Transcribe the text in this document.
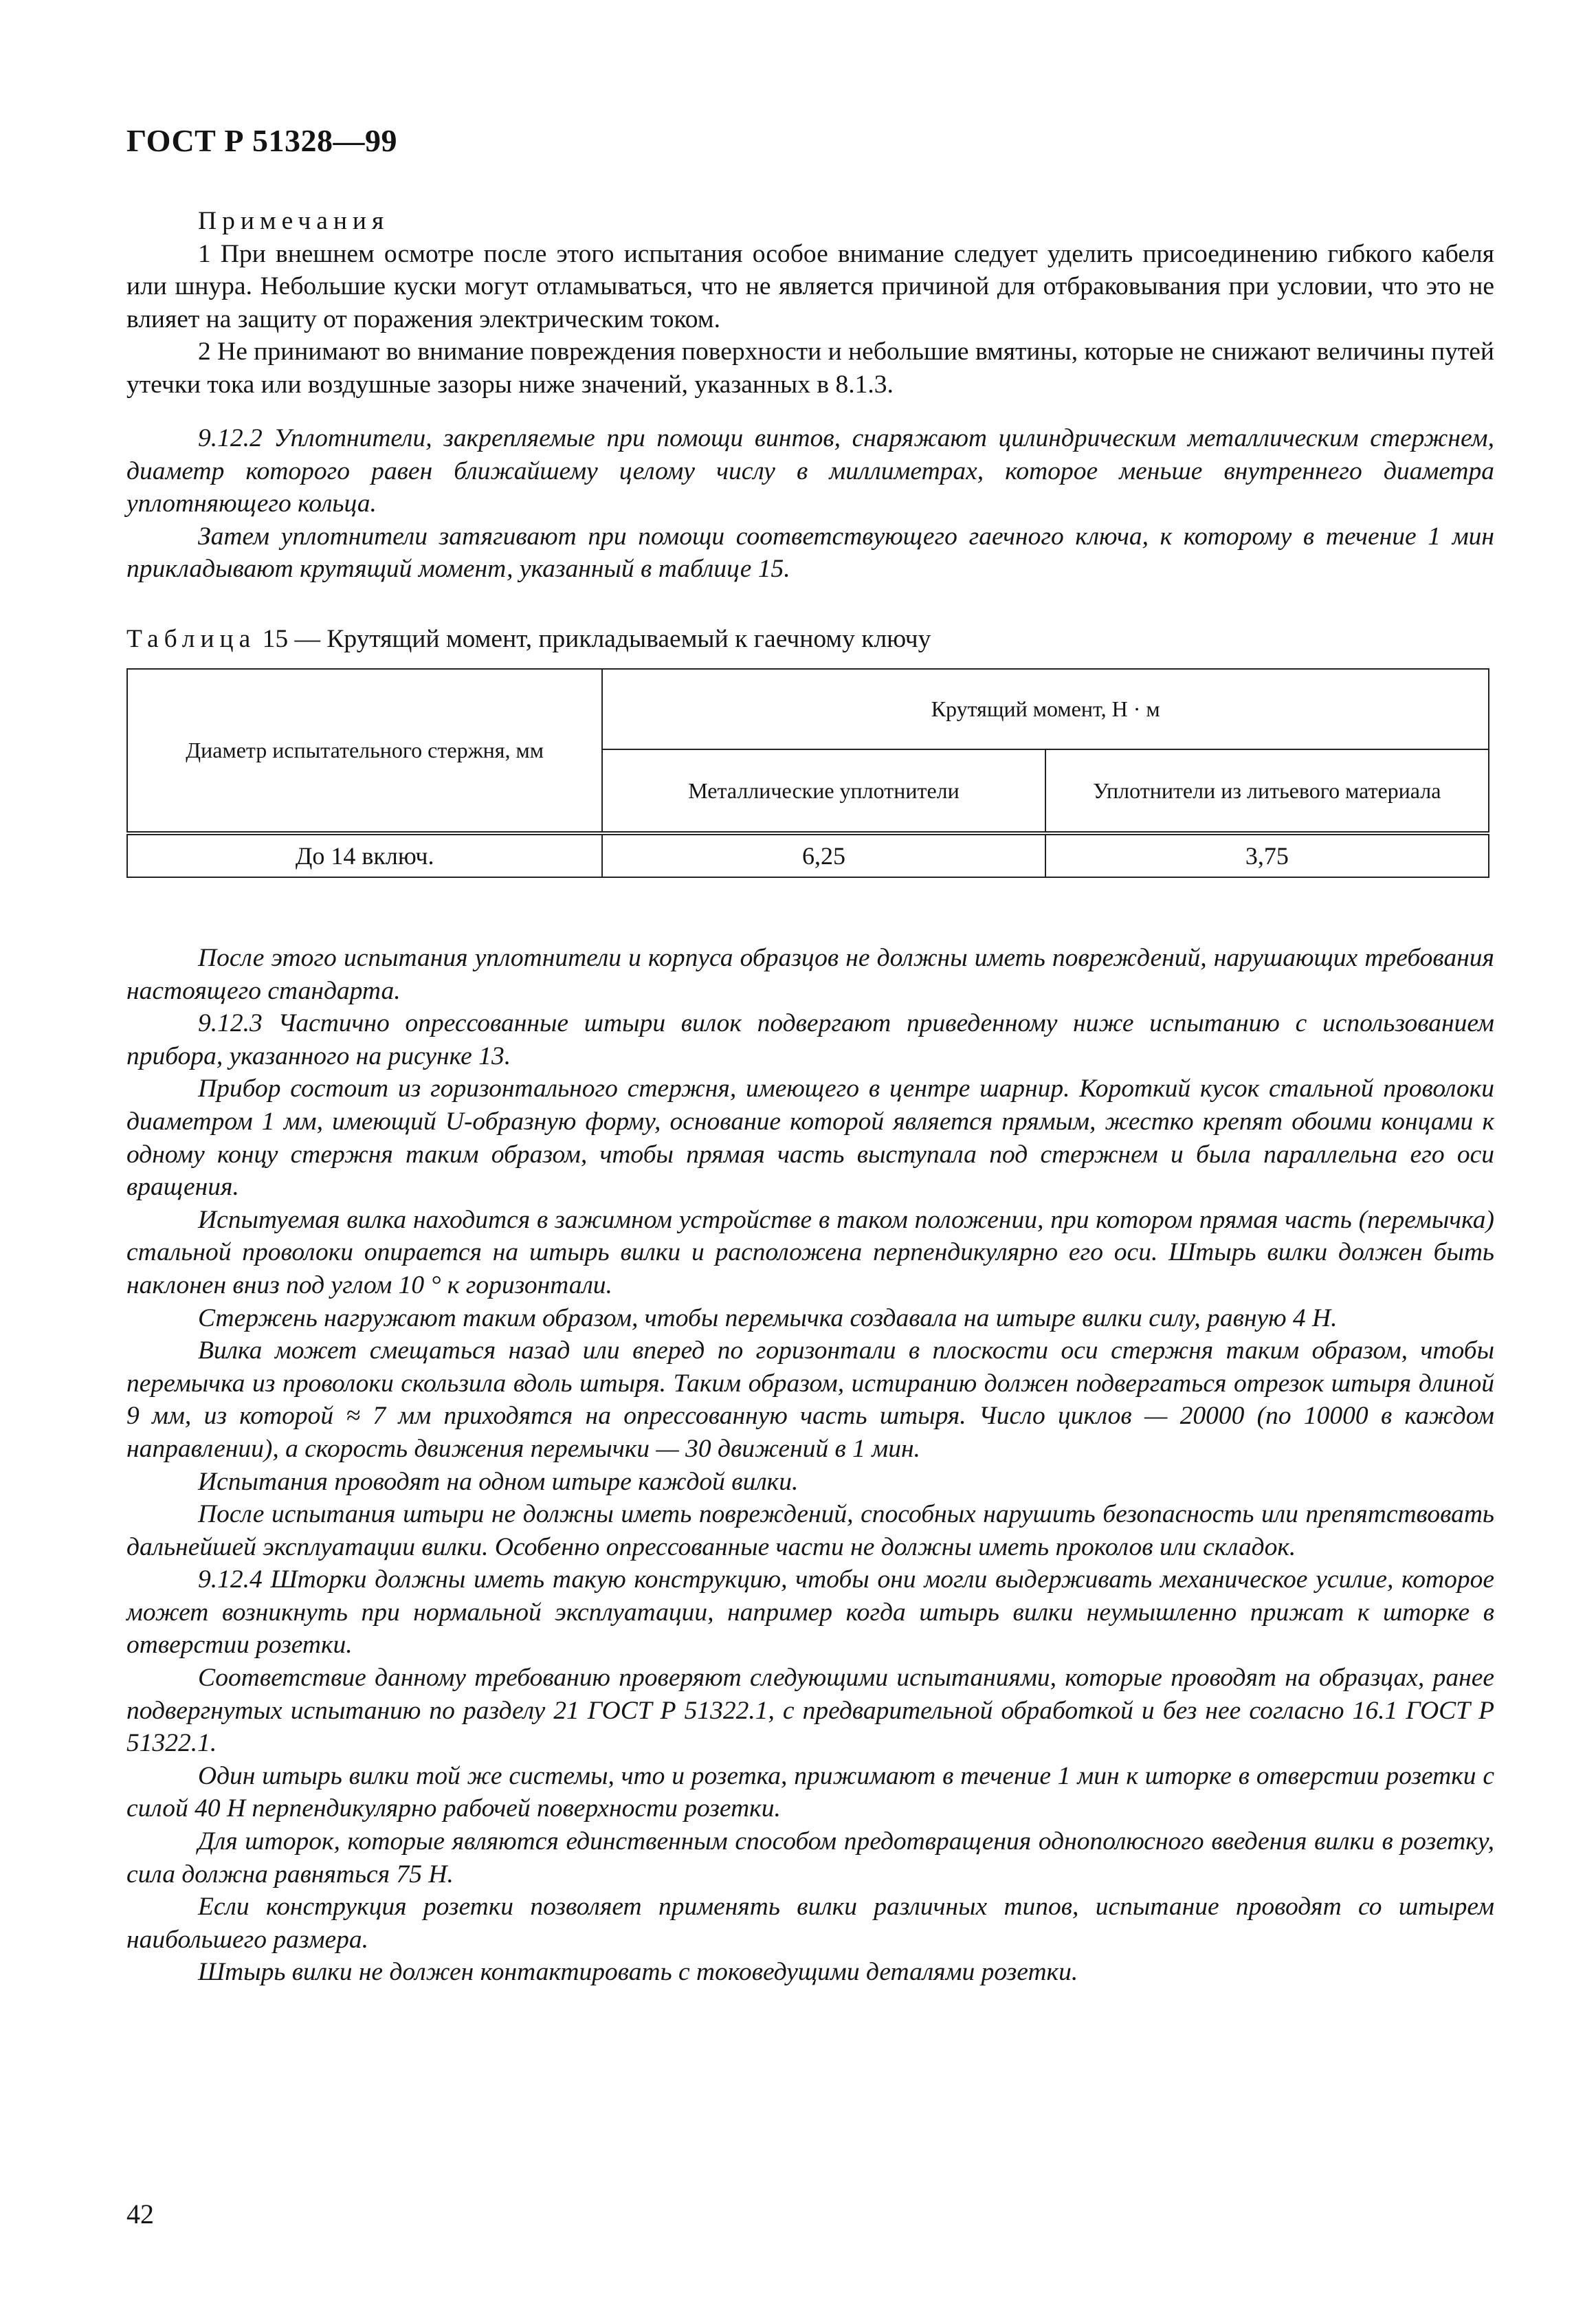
ГОСТ Р 51328—99

Примечания

1 При внешнем осмотре после этого испытания особое внимание следует уделить присоединению гибкого кабеля или шнура. Небольшие куски могут отламываться, что не является причиной для отбраковывания при условии, что это не влияет на защиту от поражения электрическим током.

2 Не принимают во внимание повреждения поверхности и небольшие вмятины, которые не снижают величины путей утечки тока или воздушные зазоры ниже значений, указанных в 8.1.3.

9.12.2 Уплотнители, закрепляемые при помощи винтов, снаряжают цилиндрическим металлическим стержнем, диаметр которого равен ближайшему целому числу в миллиметрах, которое меньше внутреннего диаметра уплотняющего кольца.

Затем уплотнители затягивают при помощи соответствующего гаечного ключа, к которому в течение 1 мин прикладывают крутящий момент, указанный в таблице 15.

Таблица 15 — Крутящий момент, прикладываемый к гаечному ключу
Диаметр испытательного стержня, мм	Крутящий момент, Н · м	
	Металлические уплотнители	Уплотнители из литьевого материала
До 14 включ.	6,25	3,75

После этого испытания уплотнители и корпуса образцов не должны иметь повреждений, нарушающих требования настоящего стандарта.

9.12.3 Частично опрессованные штыри вилок подвергают приведенному ниже испытанию с использованием прибора, указанного на рисунке 13.

Прибор состоит из горизонтального стержня, имеющего в центре шарнир. Короткий кусок стальной проволоки диаметром 1 мм, имеющий U-образную форму, основание которой является прямым, жестко крепят обоими концами к одному концу стержня таким образом, чтобы прямая часть выступала под стержнем и была параллельна его оси вращения.

Испытуемая вилка находится в зажимном устройстве в таком положении, при котором прямая часть (перемычка) стальной проволоки опирается на штырь вилки и расположена перпендикулярно его оси. Штырь вилки должен быть наклонен вниз под углом 10 ° к горизонтали.

Стержень нагружают таким образом, чтобы перемычка создавала на штыре вилки силу, равную 4 Н.

Вилка может смещаться назад или вперед по горизонтали в плоскости оси стержня таким образом, чтобы перемычка из проволоки скользила вдоль штыря. Таким образом, истиранию должен подвергаться отрезок штыря длиной 9 мм, из которой ≈ 7 мм приходятся на опрессованную часть штыря. Число циклов — 20000 (по 10000 в каждом направлении), а скорость движения перемычки — 30 движений в 1 мин.

Испытания проводят на одном штыре каждой вилки.

После испытания штыри не должны иметь повреждений, способных нарушить безопасность или препятствовать дальнейшей эксплуатации вилки. Особенно опрессованные части не должны иметь проколов или складок.

9.12.4 Шторки должны иметь такую конструкцию, чтобы они могли выдерживать механическое усилие, которое может возникнуть при нормальной эксплуатации, например когда штырь вилки неумышленно прижат к шторке в отверстии розетки.

Соответствие данному требованию проверяют следующими испытаниями, которые проводят на образцах, ранее подвергнутых испытанию по разделу 21 ГОСТ Р 51322.1, с предварительной обработкой и без нее согласно 16.1 ГОСТ Р 51322.1.

Один штырь вилки той же системы, что и розетка, прижимают в течение 1 мин к шторке в отверстии розетки с силой 40 Н перпендикулярно рабочей поверхности розетки.

Для шторок, которые являются единственным способом предотвращения однополюсного введения вилки в розетку, сила должна равняться 75 Н.

Если конструкция розетки позволяет применять вилки различных типов, испытание проводят со штырем наибольшего размера.

Штырь вилки не должен контактировать с токоведущими деталями розетки.

42
